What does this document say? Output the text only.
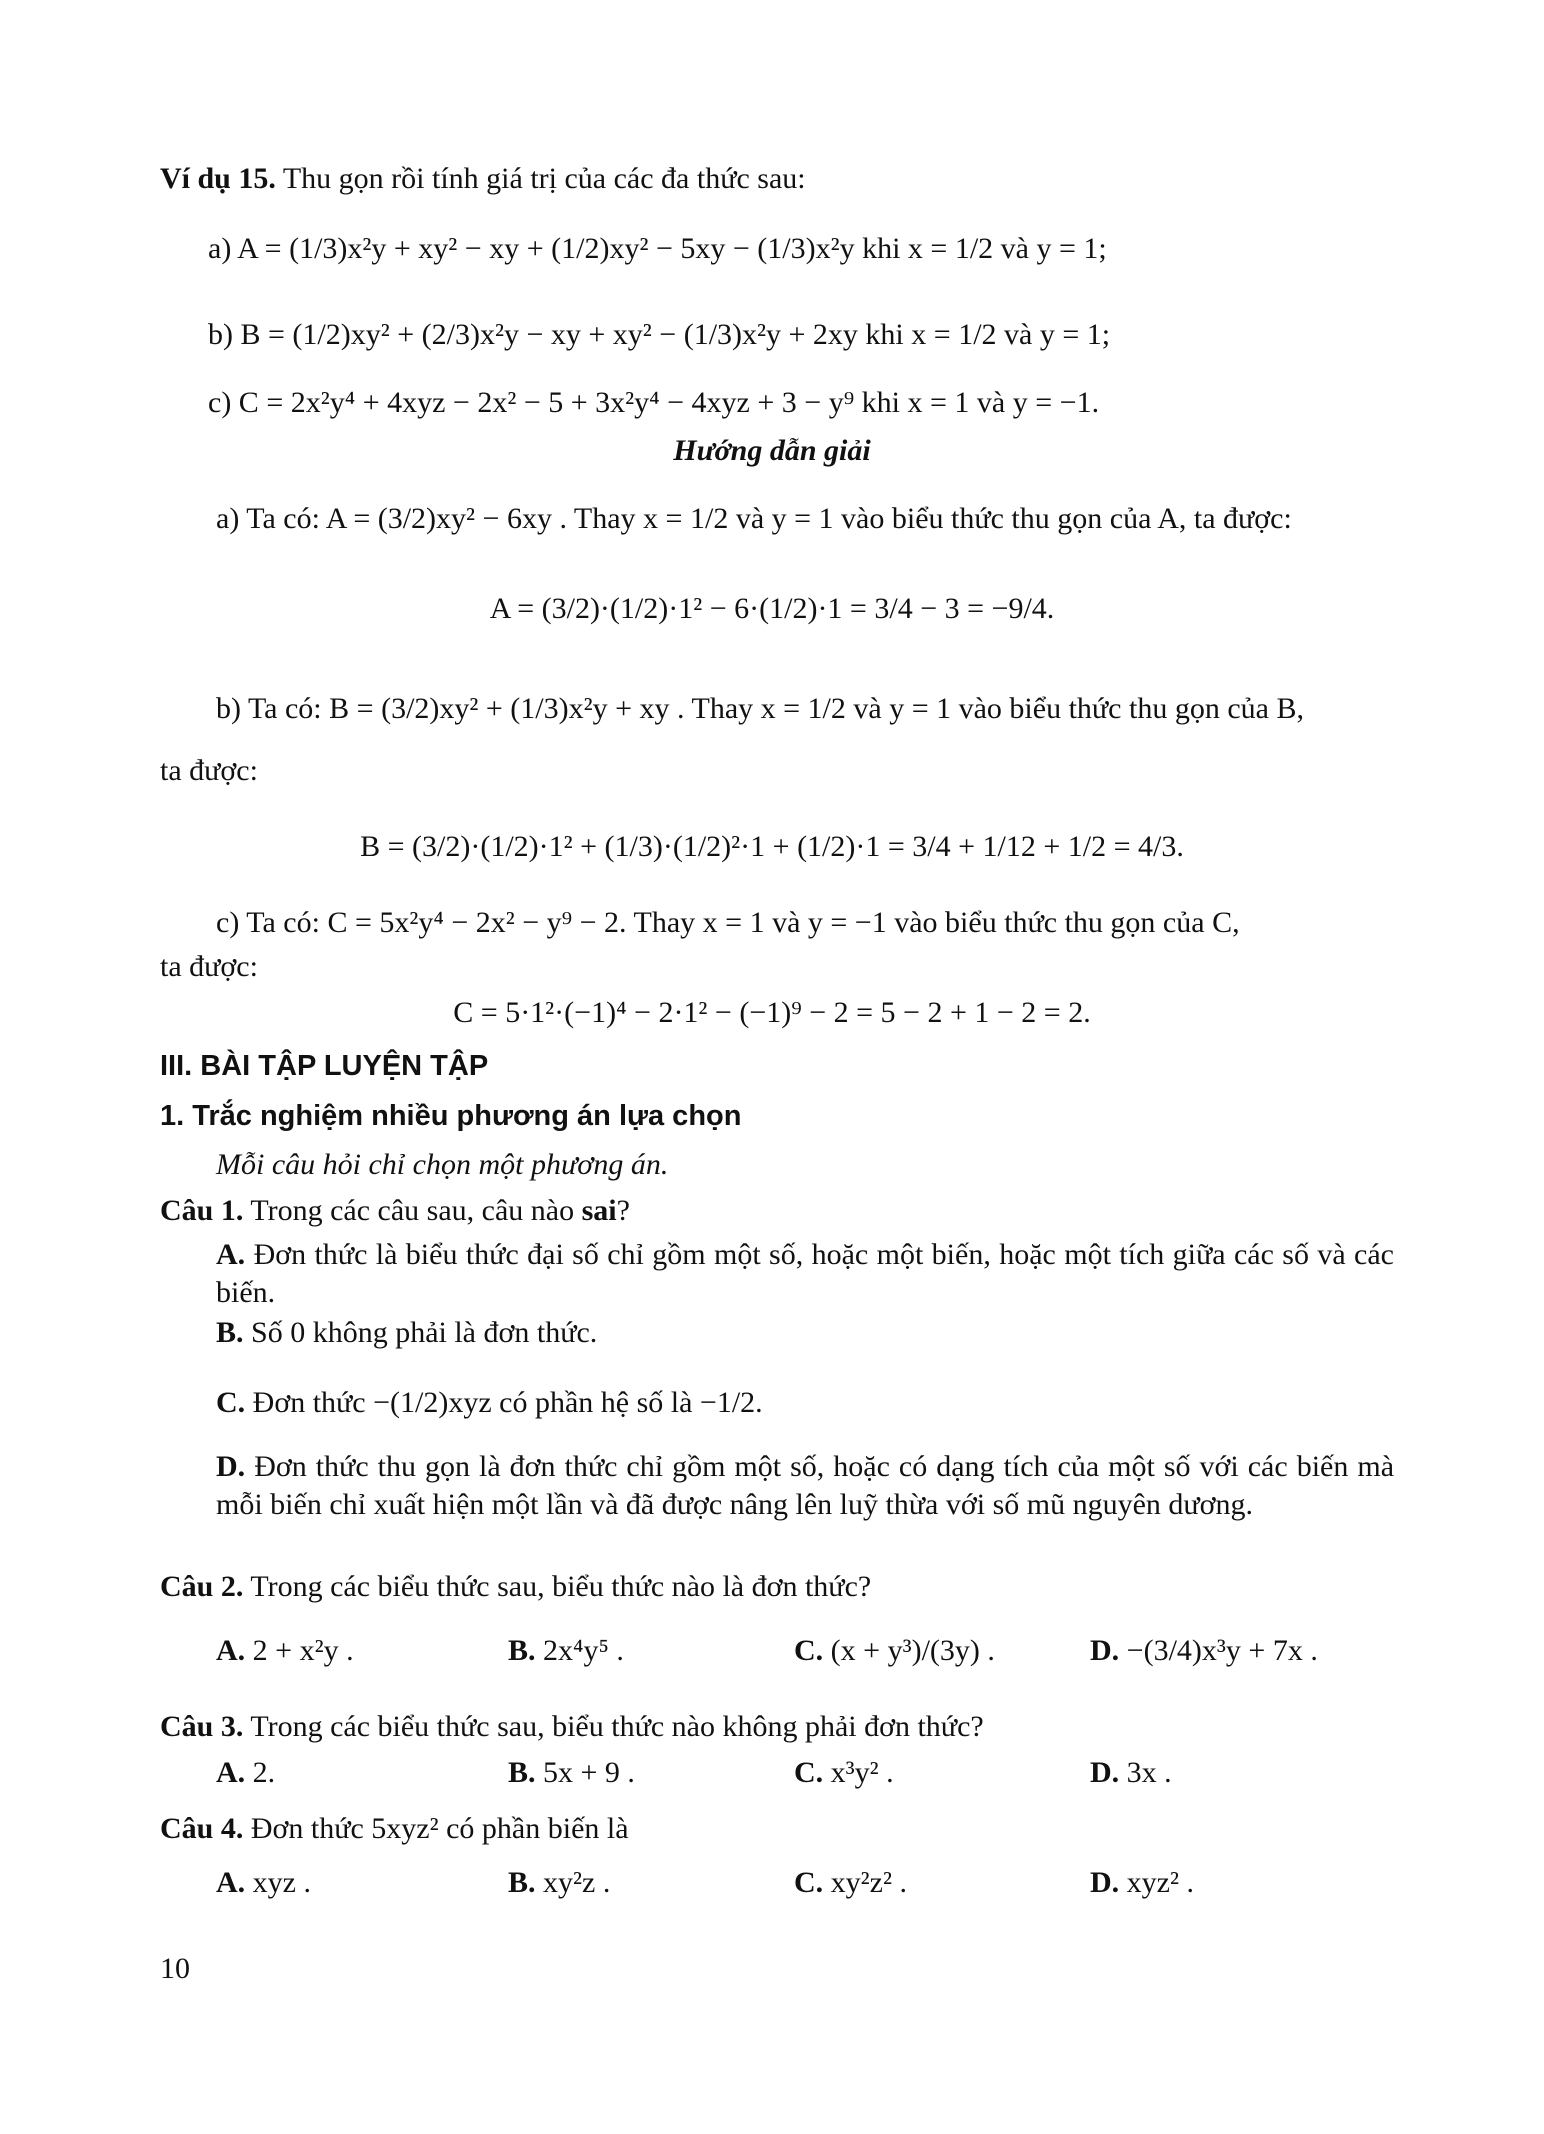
Ví dụ 15. Thu gọn rồi tính giá trị của các đa thức sau:
a) A = (1/3)x²y + xy² − xy + (1/2)xy² − 5xy − (1/3)x²y khi x = 1/2 và y = 1;
b) B = (1/2)xy² + (2/3)x²y − xy + xy² − (1/3)x²y + 2xy khi x = 1/2 và y = 1;
c) C = 2x²y⁴ + 4xyz − 2x² − 5 + 3x²y⁴ − 4xyz + 3 − y⁹ khi x = 1 và y = −1.
Hướng dẫn giải
a) Ta có: A = (3/2)xy² − 6xy . Thay x = 1/2 và y = 1 vào biểu thức thu gọn của A, ta được:
A = (3/2)·(1/2)·1² − 6·(1/2)·1 = 3/4 − 3 = −9/4.
b) Ta có: B = (3/2)xy² + (1/3)x²y + xy . Thay x = 1/2 và y = 1 vào biểu thức thu gọn của B,
ta được:
B = (3/2)·(1/2)·1² + (1/3)·(1/2)²·1 + (1/2)·1 = 3/4 + 1/12 + 1/2 = 4/3.
c) Ta có: C = 5x²y⁴ − 2x² − y⁹ − 2. Thay x = 1 và y = −1 vào biểu thức thu gọn của C,
ta được:
C = 5·1²·(−1)⁴ − 2·1² − (−1)⁹ − 2 = 5 − 2 + 1 − 2 = 2.
III. BÀI TẬP LUYỆN TẬP
1. Trắc nghiệm nhiều phương án lựa chọn
Mỗi câu hỏi chỉ chọn một phương án.
Câu 1. Trong các câu sau, câu nào sai?
A. Đơn thức là biểu thức đại số chỉ gồm một số, hoặc một biến, hoặc một tích giữa các số và các biến.
B. Số 0 không phải là đơn thức.
C. Đơn thức −(1/2)xyz có phần hệ số là −1/2.
D. Đơn thức thu gọn là đơn thức chỉ gồm một số, hoặc có dạng tích của một số với các biến mà mỗi biến chỉ xuất hiện một lần và đã được nâng lên luỹ thừa với số mũ nguyên dương.
Câu 2. Trong các biểu thức sau, biểu thức nào là đơn thức?
A. 2 + x²y .	B. 2x⁴y⁵ .	C. (x + y³)/(3y) .	D. −(3/4)x³y + 7x .
Câu 3. Trong các biểu thức sau, biểu thức nào không phải đơn thức?
A. 2.	B. 5x + 9 .	C. x³y² .	D. 3x .
Câu 4. Đơn thức 5xyz² có phần biến là
A. xyz .	B. xy²z .	C. xy²z² .	D. xyz² .
10
